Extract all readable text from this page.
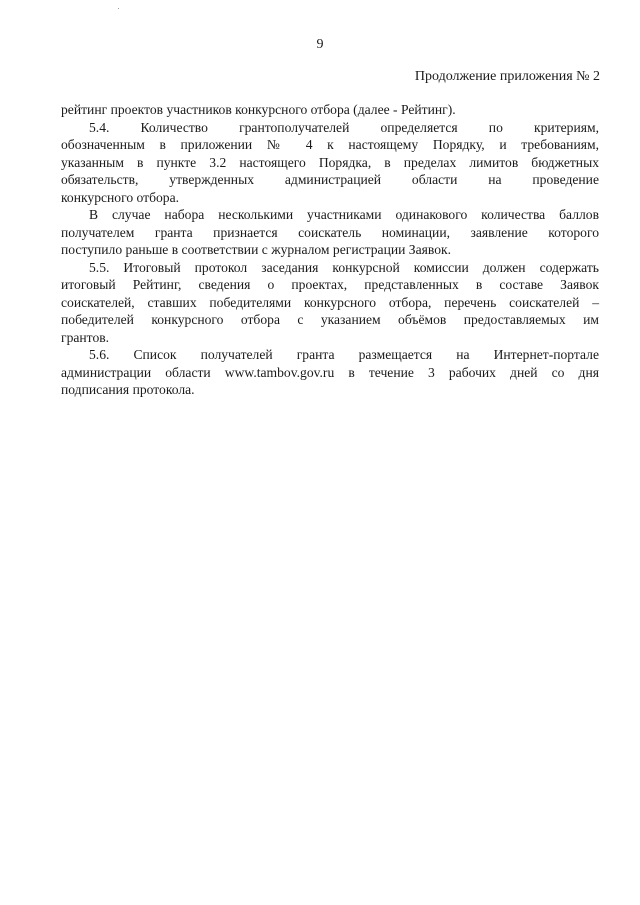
9
Продолжение приложения № 2
рейтинг проектов участников конкурсного отбора (далее - Рейтинг).
5.4. Количество грантополучателей определяется по критериям,
обозначенным в приложении № 4 к настоящему Порядку, и требованиям,
указанным в пункте 3.2 настоящего Порядка, в пределах лимитов бюджетных
обязательств, утвержденных администрацией области на проведение
конкурсного отбора.
В случае набора несколькими участниками одинакового количества баллов
получателем гранта признается соискатель номинации, заявление которого
поступило раньше в соответствии с журналом регистрации Заявок.
5.5. Итоговый протокол заседания конкурсной комиссии должен содержать
итоговый Рейтинг, сведения о проектах, представленных в составе Заявок
соискателей, ставших победителями конкурсного отбора, перечень соискателей –
победителей конкурсного отбора с указанием объёмов предоставляемых им
грантов.
5.6. Список получателей гранта размещается на Интернет-портале
администрации области www.tambov.gov.ru в течение 3 рабочих дней со дня
подписания протокола.
